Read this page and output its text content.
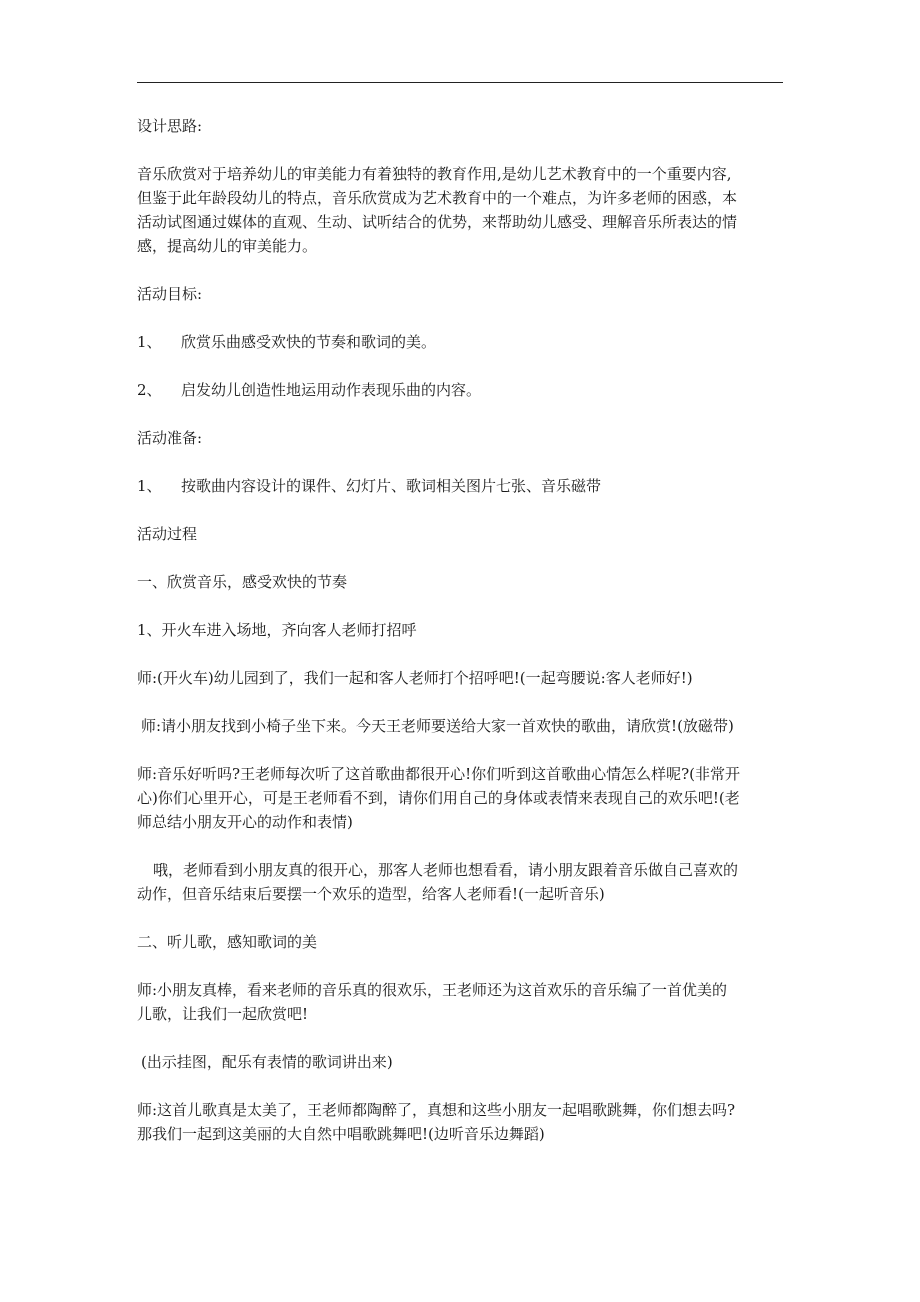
设计思路:

音乐欣赏对于培养幼儿的审美能力有着独特的教育作用,是幼儿艺术教育中的一个重要内容,
但鉴于此年龄段幼儿的特点，音乐欣赏成为艺术教育中的一个难点，为许多老师的困惑，本
活动试图通过媒体的直观、生动、试听结合的优势，来帮助幼儿感受、理解音乐所表达的情
感，提高幼儿的审美能力。

活动目标:

1、 欣赏乐曲感受欢快的节奏和歌词的美。

2、 启发幼儿创造性地运用动作表现乐曲的内容。

活动准备:

1、 按歌曲内容设计的课件、幻灯片、歌词相关图片七张、音乐磁带

活动过程

一、欣赏音乐，感受欢快的节奏

1、开火车进入场地，齐向客人老师打招呼

师:(开火车)幼儿园到了，我们一起和客人老师打个招呼吧!(一起弯腰说:客人老师好!)

师:请小朋友找到小椅子坐下来。今天王老师要送给大家一首欢快的歌曲，请欣赏!(放磁带)

师:音乐好听吗?王老师每次听了这首歌曲都很开心!你们听到这首歌曲心情怎么样呢?(非常开
心)你们心里开心，可是王老师看不到，请你们用自己的身体或表情来表现自己的欢乐吧!(老
师总结小朋友开心的动作和表情)
哦，老师看到小朋友真的很开心，那客人老师也想看看，请小朋友跟着音乐做自己喜欢的
动作，但音乐结束后要摆一个欢乐的造型，给客人老师看!(一起听音乐)

二、听儿歌，感知歌词的美

师:小朋友真棒，看来老师的音乐真的很欢乐，王老师还为这首欢乐的音乐编了一首优美的
儿歌，让我们一起欣赏吧!

(出示挂图，配乐有表情的歌词讲出来)

师:这首儿歌真是太美了，王老师都陶醉了，真想和这些小朋友一起唱歌跳舞，你们想去吗?
那我们一起到这美丽的大自然中唱歌跳舞吧!(边听音乐边舞蹈)
